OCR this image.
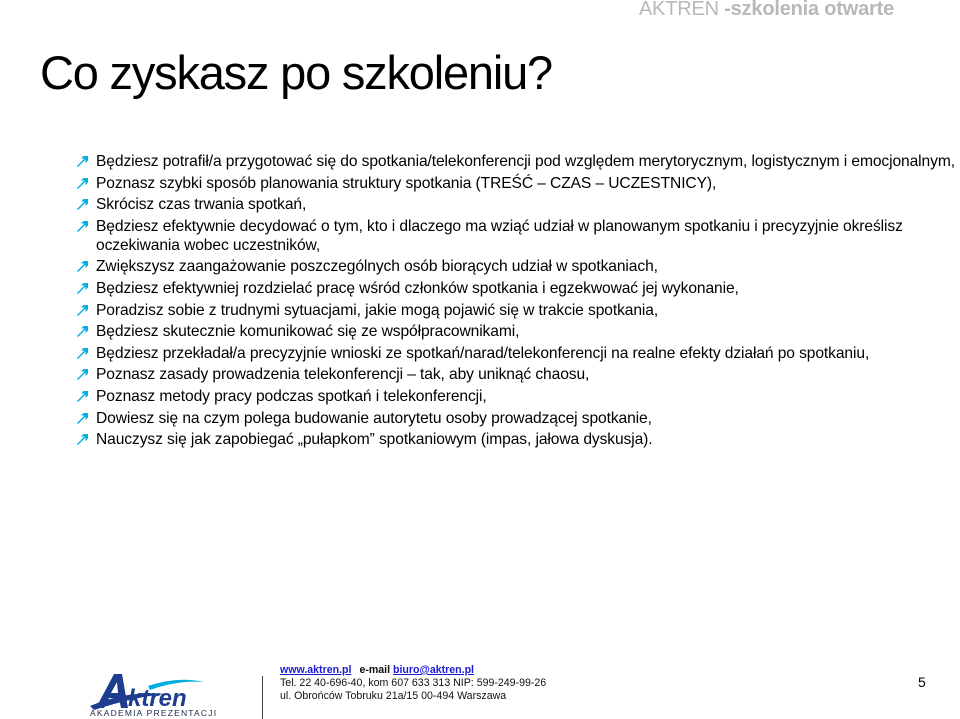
AKTREN -szkolenia otwarte
Co zyskasz po szkoleniu?
Będziesz potrafił/a przygotować się do spotkania/telekonferencji pod względem merytorycznym, logistycznym i emocjonalnym,
Poznasz szybki sposób planowania struktury spotkania (TREŚĆ – CZAS – UCZESTNICY),
Skrócisz czas trwania spotkań,
Będziesz efektywnie decydować o tym, kto i dlaczego ma wziąć udział w planowanym spotkaniu i precyzyjnie określisz oczekiwania wobec uczestników,
Zwiększysz zaangażowanie poszczególnych osób biorących udział w spotkaniach,
Będziesz efektywniej rozdzielać pracę wśród członków spotkania i egzekwować jej wykonanie,
Poradzisz sobie z trudnymi sytuacjami, jakie mogą pojawić się w trakcie spotkania,
Będziesz skutecznie komunikować się ze współpracownikami,
Będziesz przekładał/a precyzyjnie wnioski ze spotkań/narad/telekonferencji na realne efekty działań po spotkaniu,
Poznasz zasady prowadzenia telekonferencji – tak, aby uniknąć chaosu,
Poznasz metody pracy podczas spotkań i telekonferencji,
Dowiesz się na czym polega budowanie autorytetu osoby prowadzącej spotkanie,
Nauczysz się jak zapobiegać „pułapkom” spotkaniowym (impas, jałowa dyskusja).
ktren
AKADEMIA PREZENTACJI
www.aktren.pl e-mail biuro@aktren.pl
Tel. 22 40-696-40, kom 607 633 313 NIP: 599-249-99-26
ul. Obrońców Tobruku 21a/15 00-494 Warszawa
5
